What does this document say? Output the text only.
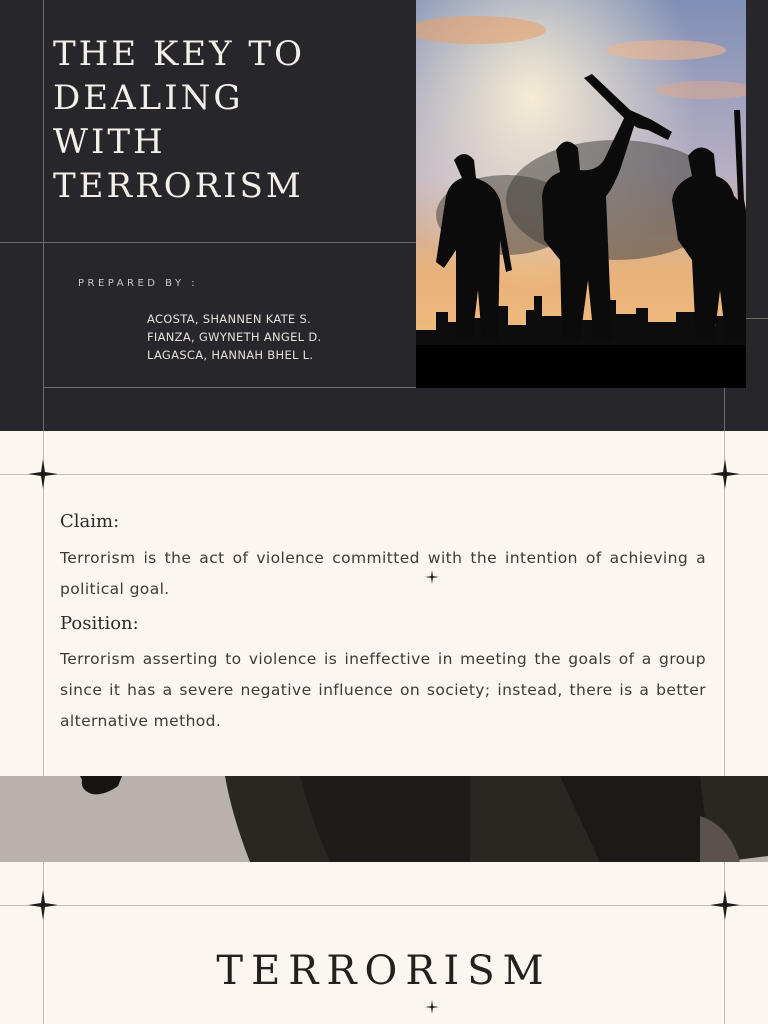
THE KEY TO
DEALING
WITH
TERRORISM

PREPARED BY :

ACOSTA, SHANNEN KATE S.
FIANZA, GWYNETH ANGEL D.
LAGASCA, HANNAH BHEL L.
Claim:

Terrorism is the act of violence committed with the intention of achieving a political goal.

Position:

Terrorism asserting to violence is ineffective in meeting the goals of a group since it has a severe negative influence on society; instead, there is a better alternative method.

TERRORISM
